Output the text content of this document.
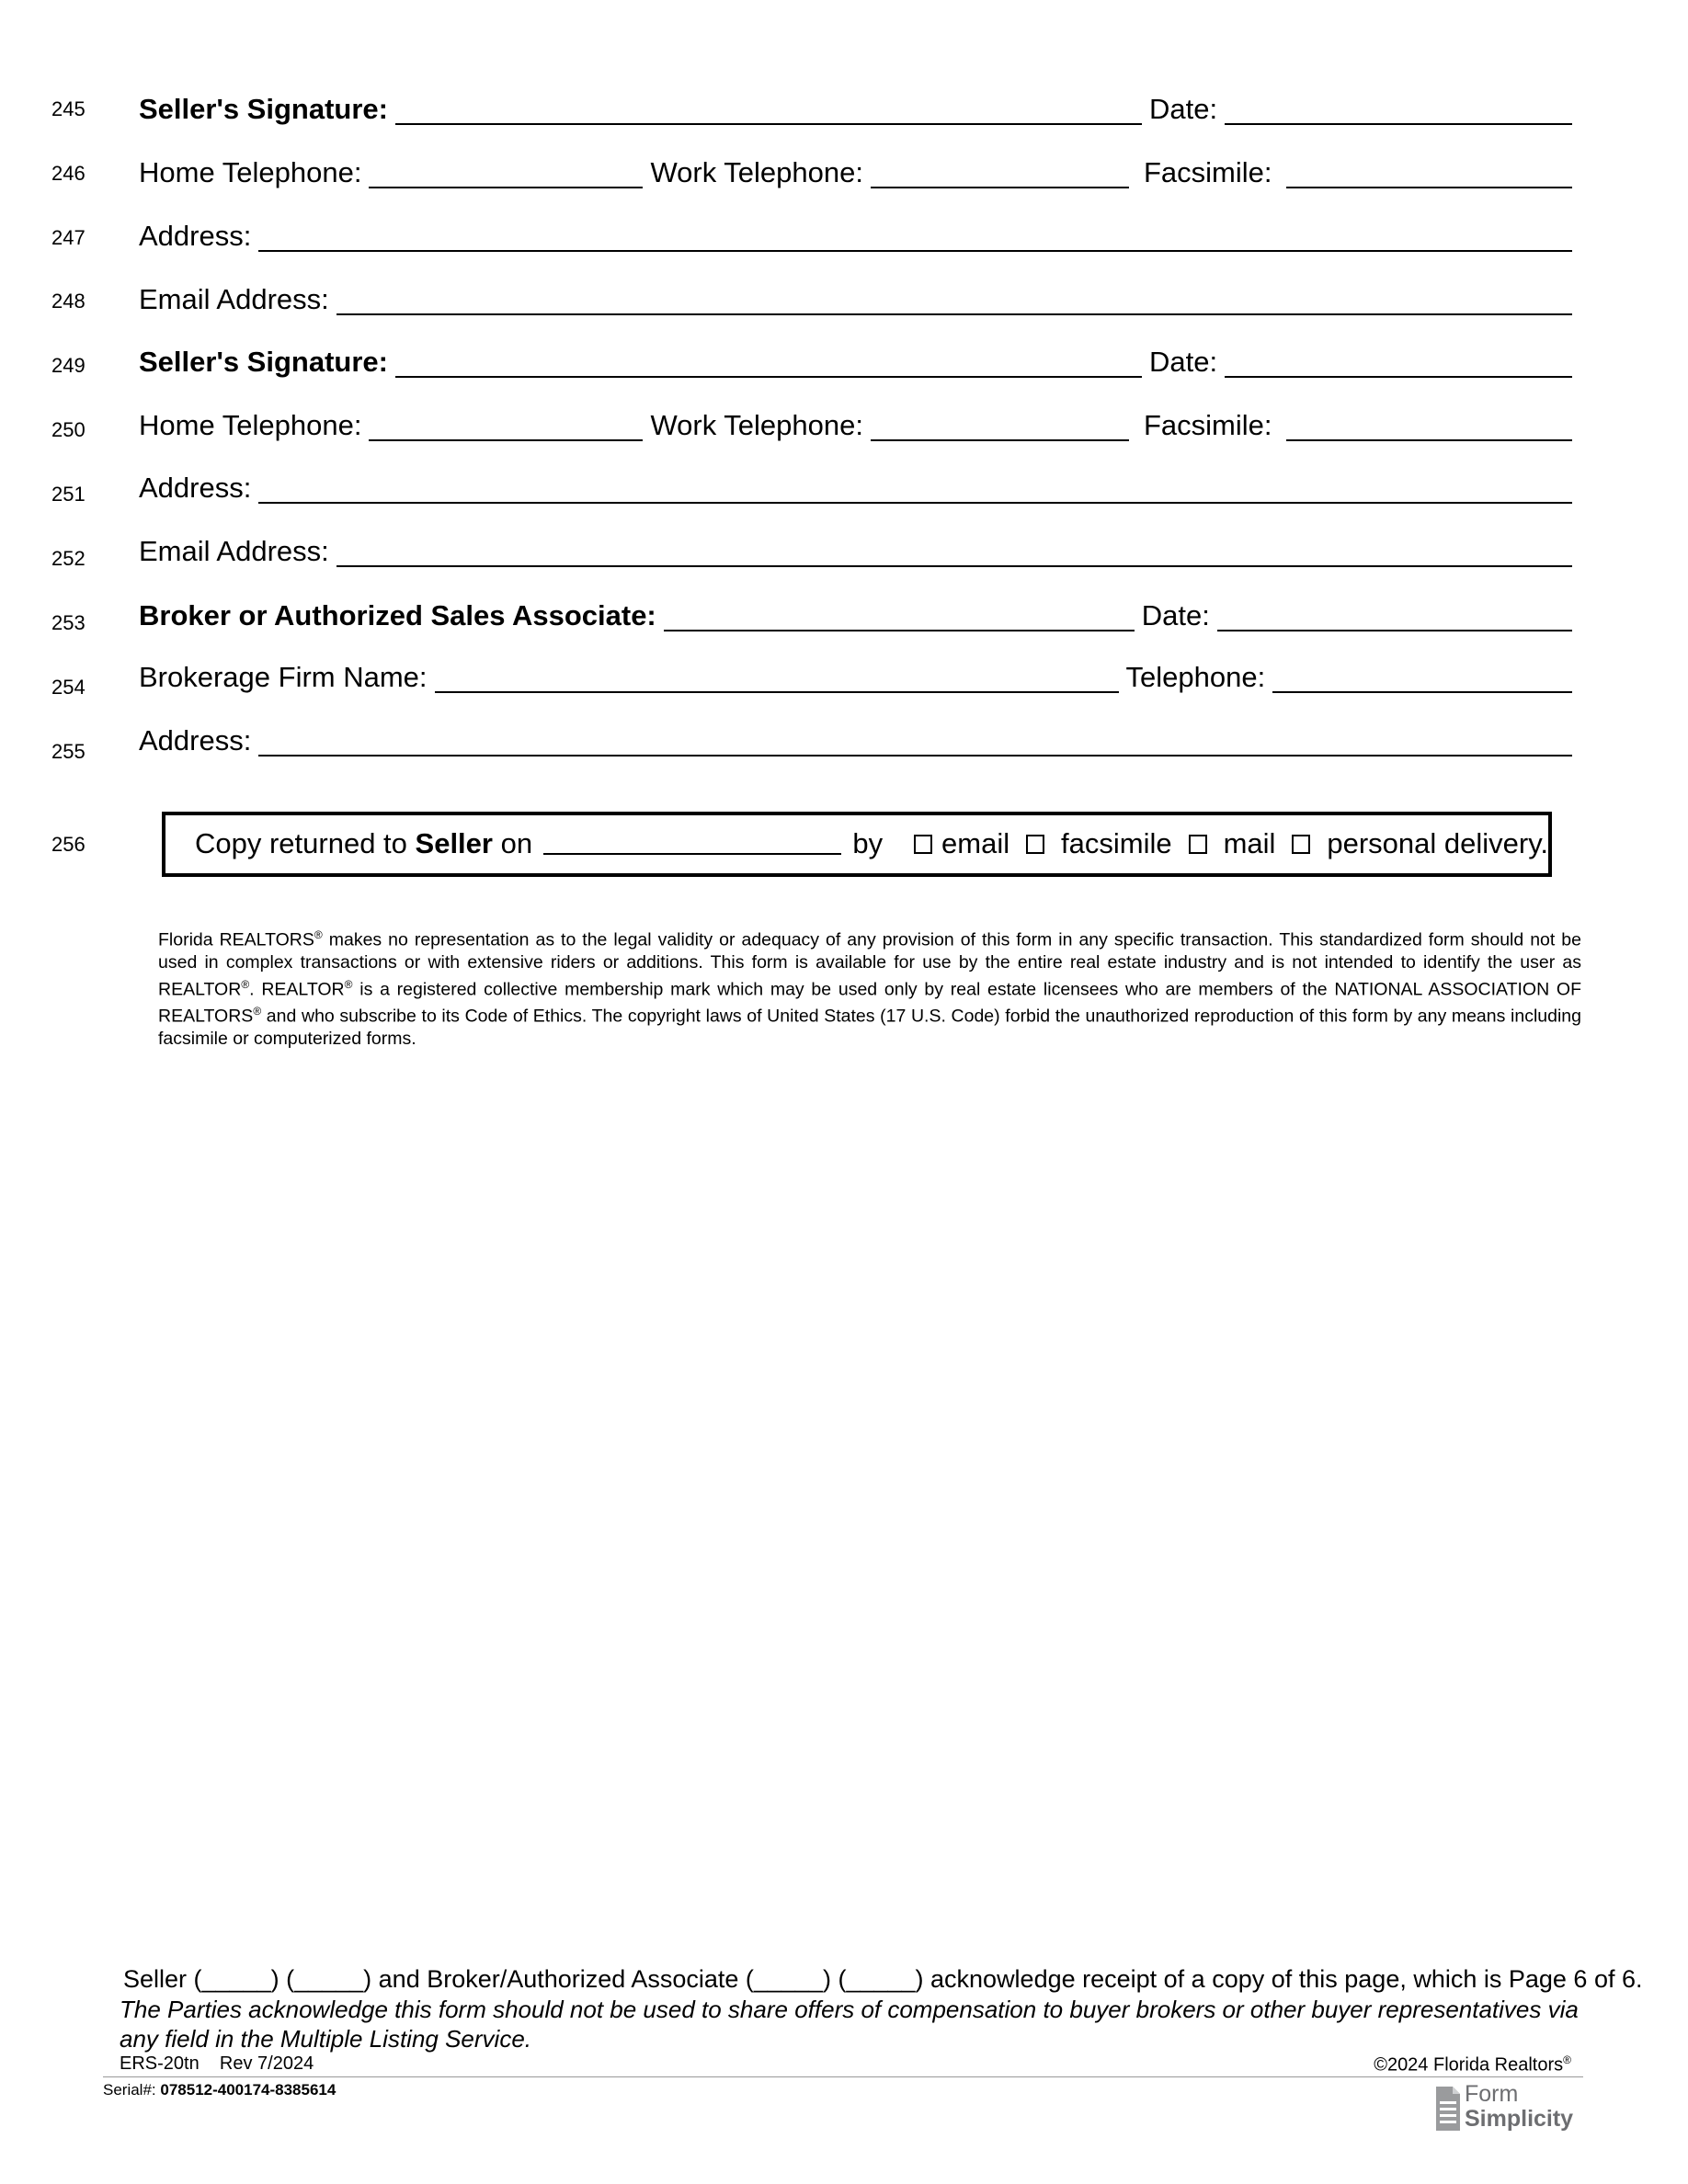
245 Seller's Signature:	Date:
246 Home Telephone:	Work Telephone:	Facsimile:
247 Address:
248 Email Address:
249 Seller's Signature:	Date:
250 Home Telephone:	Work Telephone:	Facsimile:
251 Address:
252 Email Address:
253 Broker or Authorized Sales Associate:	Date:
254 Brokerage Firm Name:	Telephone:
255 Address:
256	Copy returned to Seller on	by email facsimile mail personal delivery.
Florida REALTORS® makes no representation as to the legal validity or adequacy of any provision of this form in any specific transaction. This standardized form should not be used in complex transactions or with extensive riders or additions. This form is available for use by the entire real estate industry and is not intended to identify the user as REALTOR®. REALTOR® is a registered collective membership mark which may be used only by real estate licensees who are members of the NATIONAL ASSOCIATION OF REALTORS® and who subscribe to its Code of Ethics. The copyright laws of United States (17 U.S. Code) forbid the unauthorized reproduction of this form by any means including facsimile or computerized forms.
Seller (_____) (_____) and Broker/Authorized Associate (_____) (_____) acknowledge receipt of a copy of this page, which is Page 6 of 6.
The Parties acknowledge this form should not be used to share offers of compensation to buyer brokers or other buyer representatives via any field in the Multiple Listing Service.
ERS-20tn    Rev 7/2024	©2024 Florida Realtors®
Serial#: 078512-400174-8385614	Form
Simplicity
